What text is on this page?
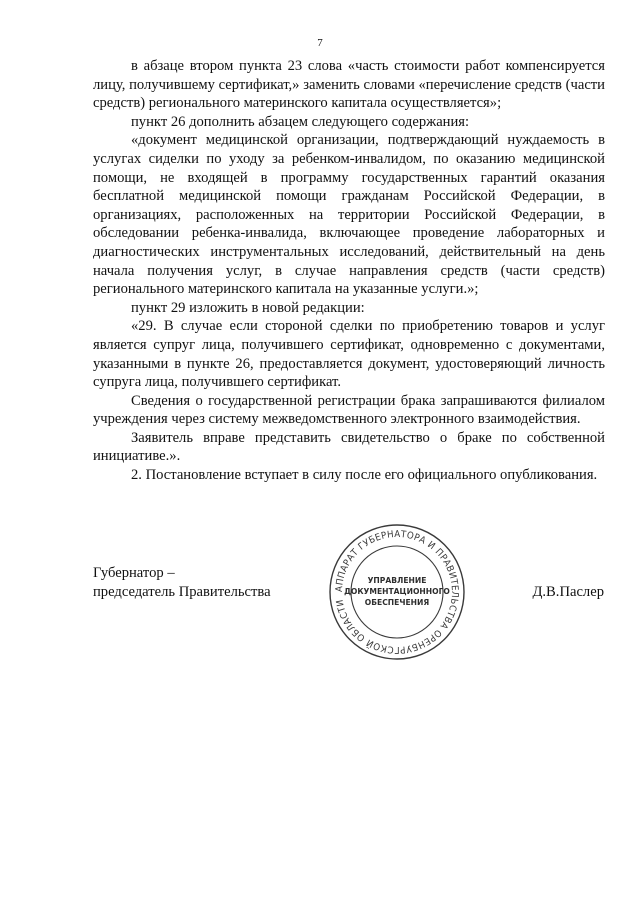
7

в абзаце втором пункта 23 слова «часть стоимости работ компенсируется лицу, получившему сертификат,» заменить словами «перечисление средств (части средств) регионального материнского капитала осуществляется»;

пункт 26 дополнить абзацем следующего содержания:

«документ медицинской организации, подтверждающий нуждаемость в услугах сиделки по уходу за ребенком-инвалидом, по оказанию медицинской помощи, не входящей в программу государственных гарантий оказания бесплатной медицинской помощи гражданам Российской Федерации, в организациях, расположенных на территории Российской Федерации, в обследовании ребенка-инвалида, включающее проведение лабораторных и диагностических инструментальных исследований, действительный на день начала получения услуг, в случае направления средств (части средств) регионального материнского капитала на указанные услуги.»;

пункт 29 изложить в новой редакции:

«29. В случае если стороной сделки по приобретению товаров и услуг является супруг лица, получившего сертификат, одновременно с документами, указанными в пункте 26, предоставляется документ, удостоверяющий личность супруга лица, получившего сертификат.

Сведения о государственной регистрации брака запрашиваются филиалом учреждения через систему межведомственного электронного взаимодействия.

Заявитель вправе представить свидетельство о браке по собственной инициативе.».

2. Постановление вступает в силу после его официального опубликования.

Губернатор –
председатель Правительства	АППАРАТ ГУБЕРНАТОРА И ПРАВИТЕЛЬСТВА ОРЕНБУРГСКОЙ ОБЛАСТИ
УПРАВЛЕНИЕ
ДОКУМЕНТАЦИОННОГО
ОБЕСПЕЧЕНИЯ
Д.В.Паслер
